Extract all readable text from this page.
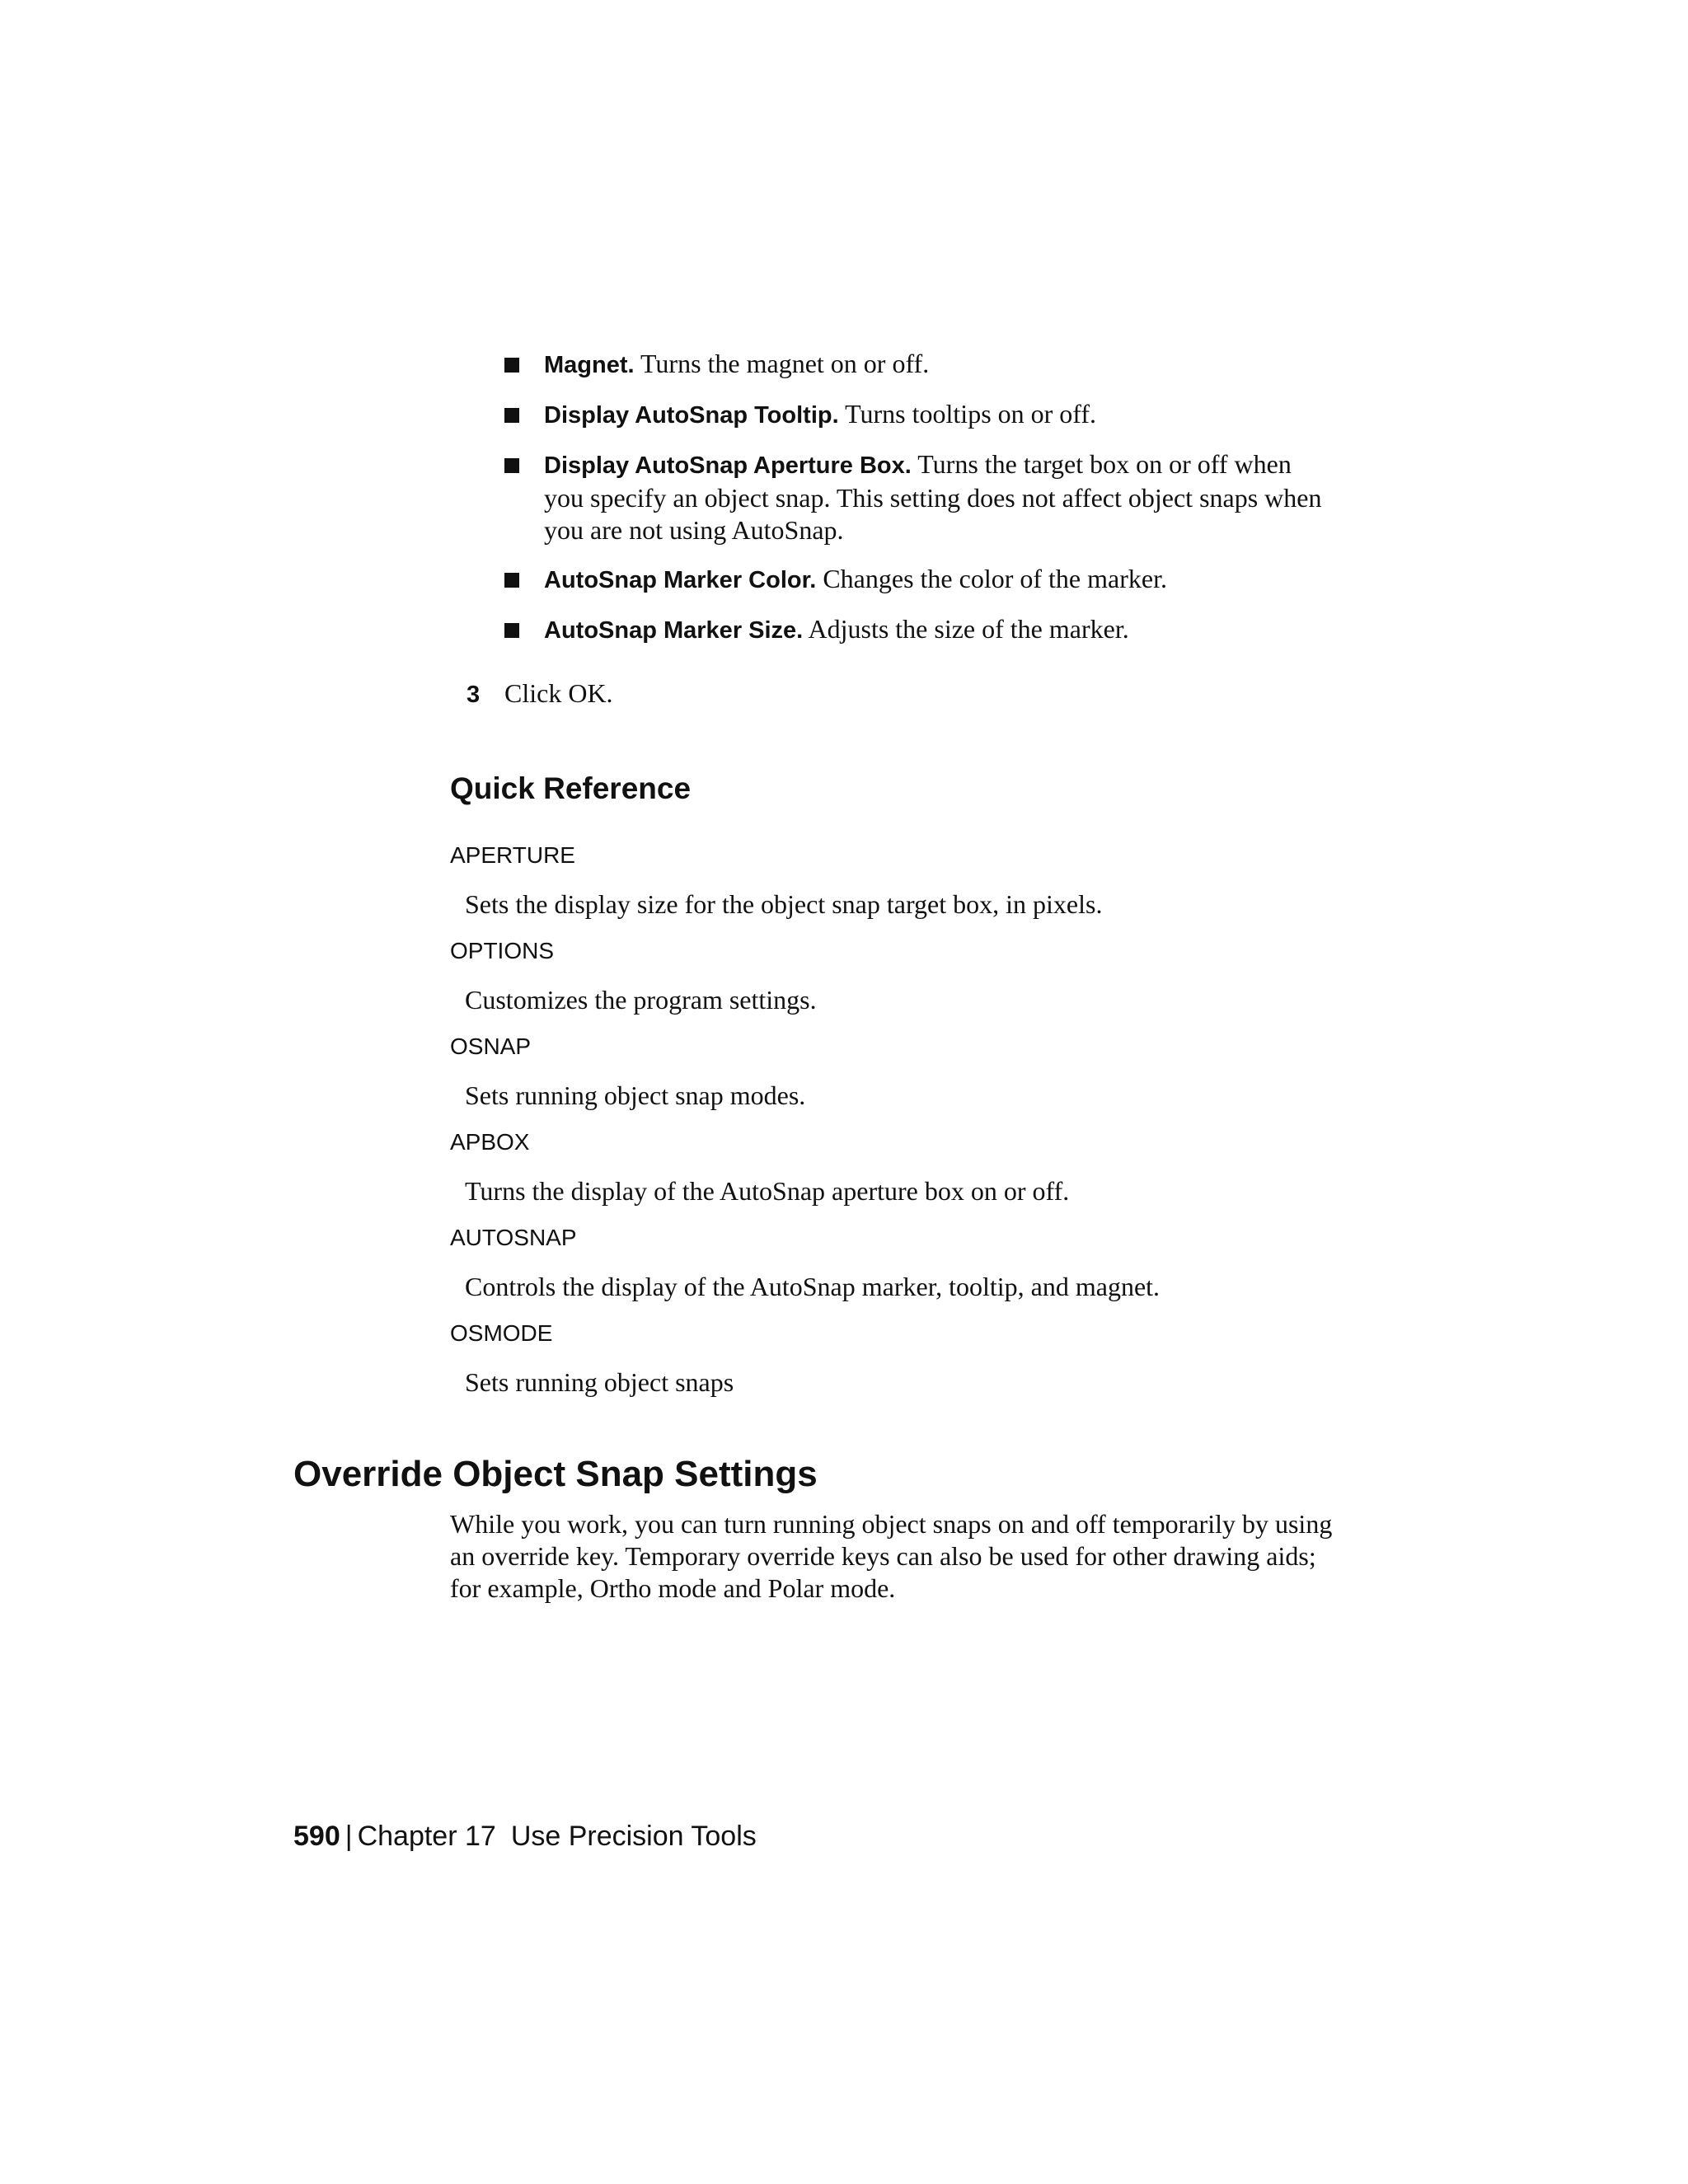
Magnet. Turns the magnet on or off.
Display AutoSnap Tooltip. Turns tooltips on or off.
Display AutoSnap Aperture Box. Turns the target box on or off when you specify an object snap. This setting does not affect object snaps when you are not using AutoSnap.
AutoSnap Marker Color. Changes the color of the marker.
AutoSnap Marker Size. Adjusts the size of the marker.
3 Click OK.
Quick Reference
APERTURE
Sets the display size for the object snap target box, in pixels.
OPTIONS
Customizes the program settings.
OSNAP
Sets running object snap modes.
APBOX
Turns the display of the AutoSnap aperture box on or off.
AUTOSNAP
Controls the display of the AutoSnap marker, tooltip, and magnet.
OSMODE
Sets running object snaps
Override Object Snap Settings

While you work, you can turn running object snaps on and off temporarily by using an override key. Temporary override keys can also be used for other drawing aids; for example, Ortho mode and Polar mode.

590 | Chapter 17 Use Precision Tools
